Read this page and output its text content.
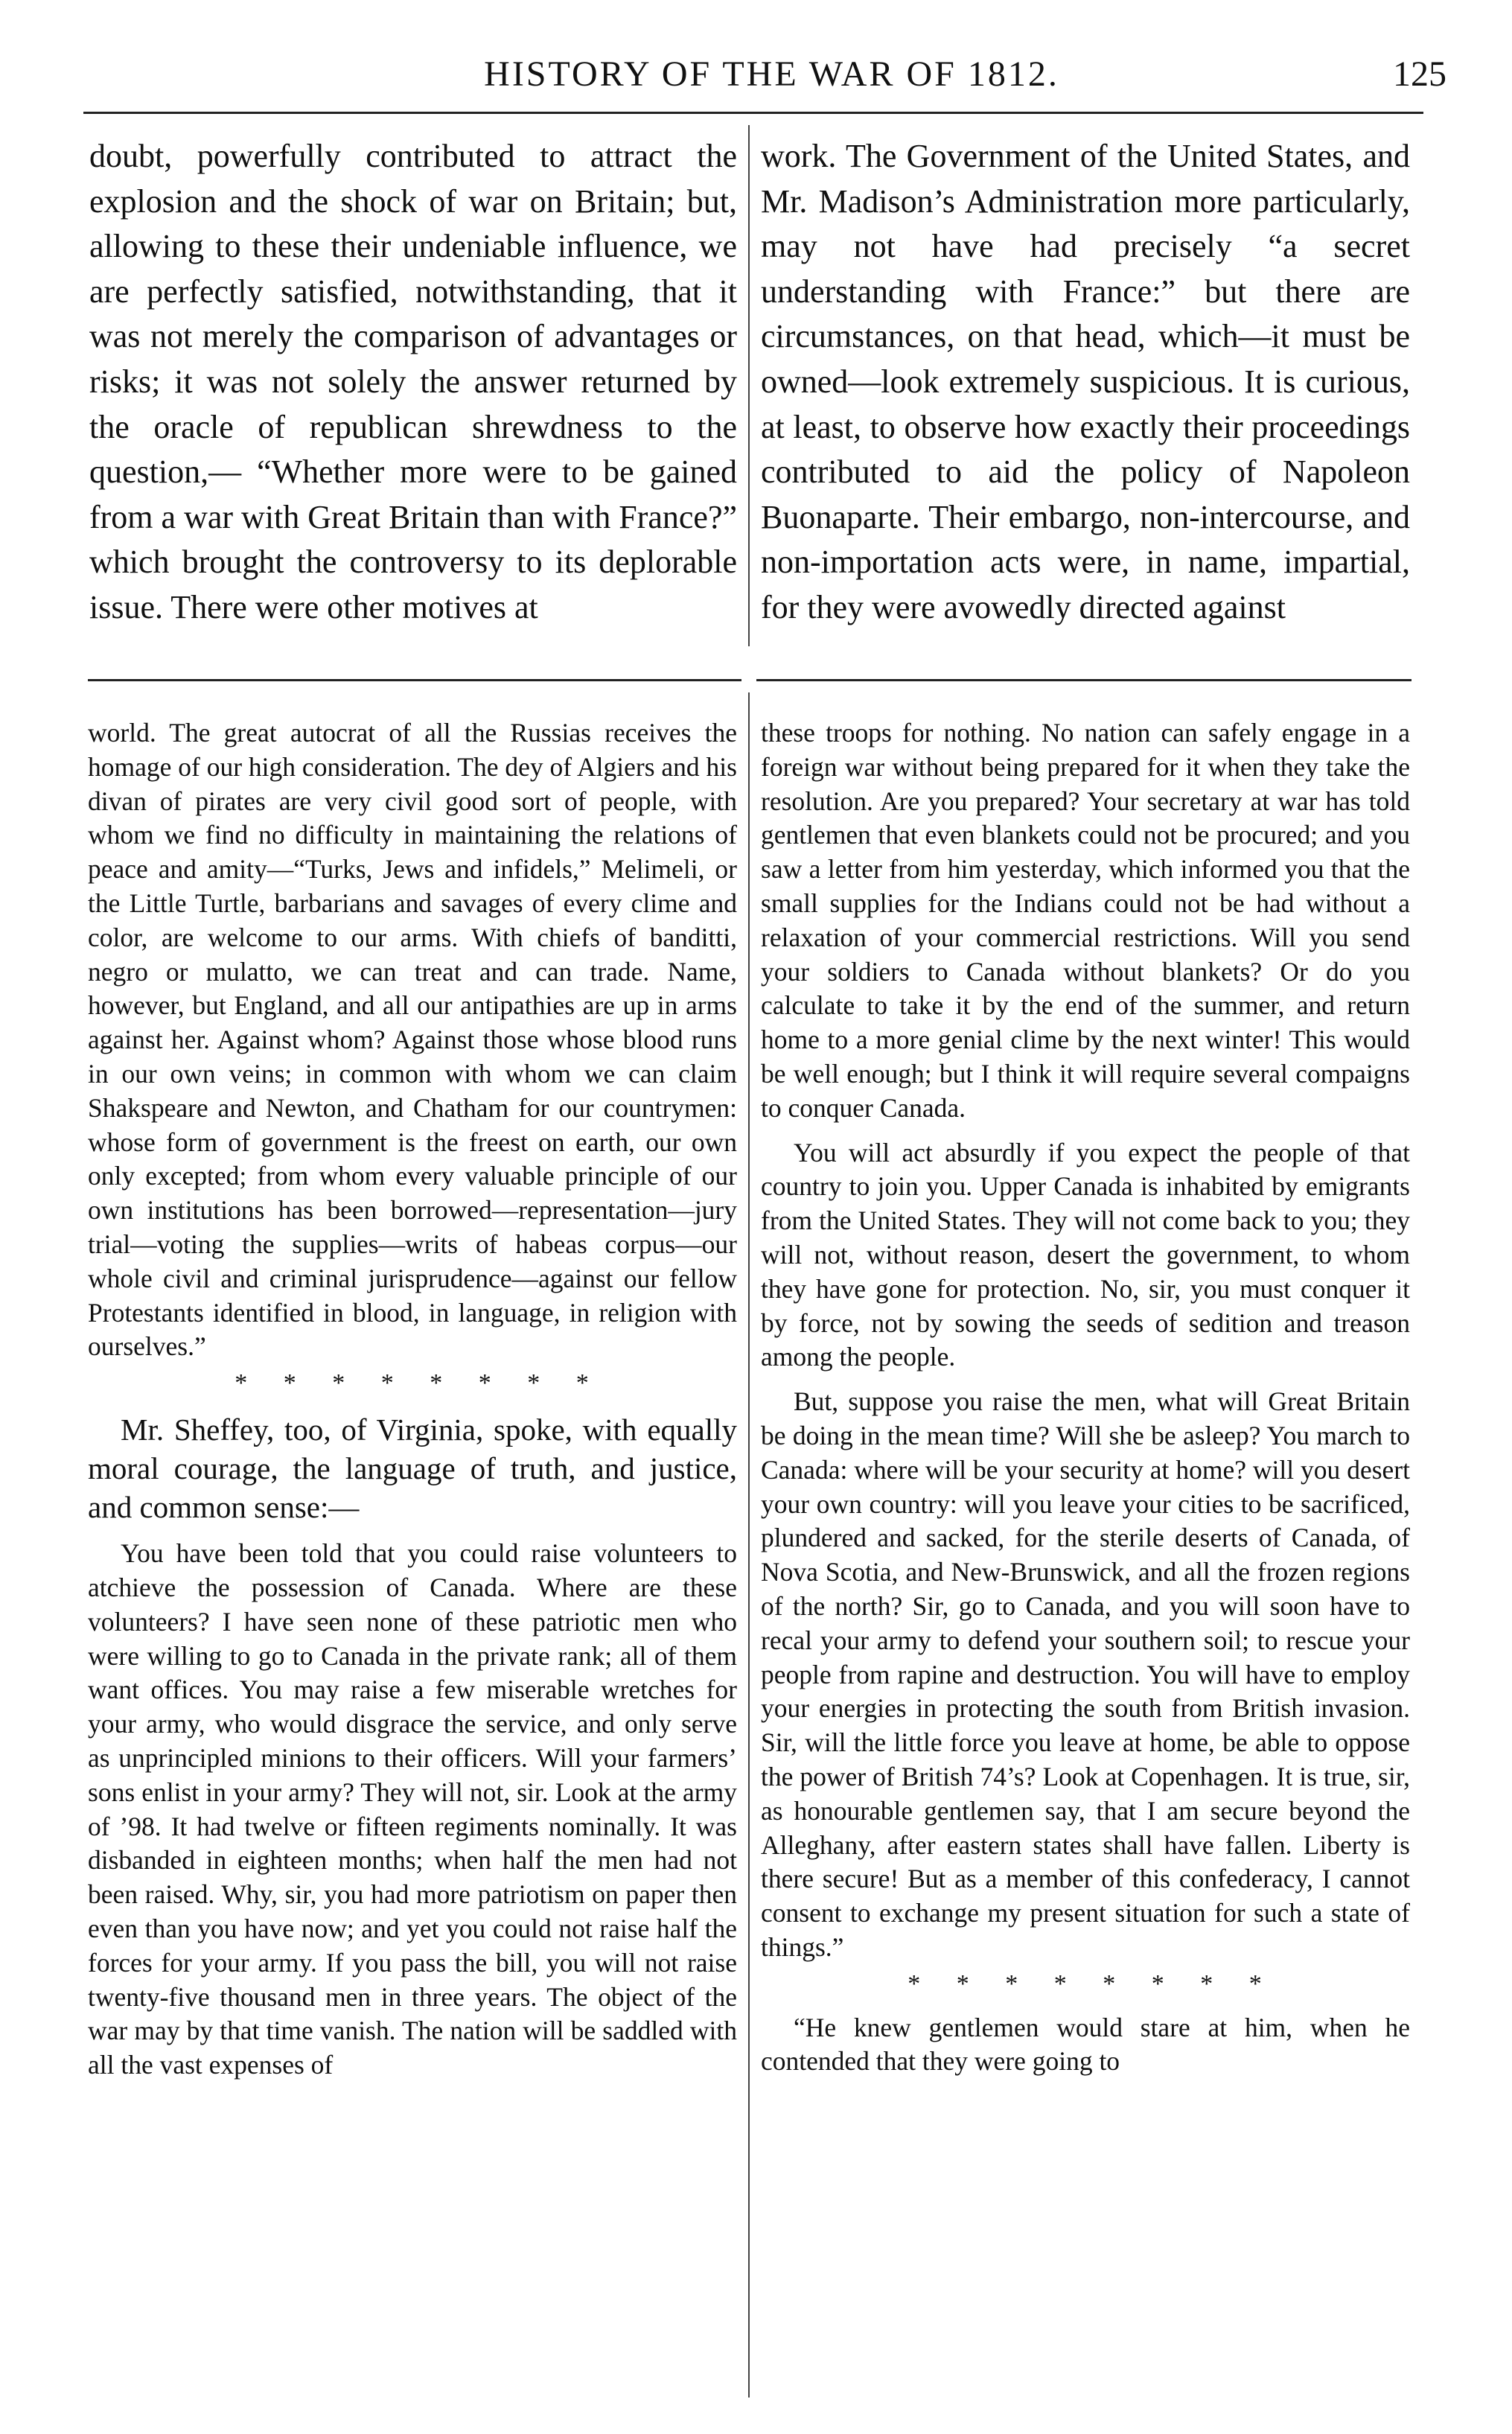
HISTORY OF THE WAR OF 1812.	125

doubt, powerfully contributed to attract the explosion and the shock of war on Britain; but, allowing to these their undeniable influence, we are perfectly satisfied, notwithstanding, that it was not merely the comparison of advantages or risks; it was not solely the answer returned by the oracle of republican shrewdness to the question,— “Whether more were to be gained from a war with Great Britain than with France?” which brought the controversy to its deplorable issue. There were other motives at

work. The Government of the United States, and Mr. Madison’s Administration more particularly, may not have had precisely “a secret understanding with France:” but there are circumstances, on that head, which—it must be owned—look extremely suspicious. It is curious, at least, to observe how exactly their proceedings contributed to aid the policy of Napoleon Buonaparte. Their embargo, non-intercourse, and non-importation acts were, in name, impartial, for they were avowedly directed against

world. The great autocrat of all the Russias receives the homage of our high consideration. The dey of Algiers and his divan of pirates are very civil good sort of people, with whom we find no difficulty in maintaining the relations of peace and amity—“Turks, Jews and infidels,” Melimeli, or the Little Turtle, barbarians and savages of every clime and color, are welcome to our arms. With chiefs of banditti, negro or mulatto, we can treat and can trade. Name, however, but England, and all our antipathies are up in arms against her. Against whom? Against those whose blood runs in our own veins; in common with whom we can claim Shakspeare and Newton, and Chatham for our countrymen: whose form of government is the freest on earth, our own only excepted; from whom every valuable principle of our own institutions has been borrowed—representation—jury trial—voting the supplies—writs of habeas corpus—our whole civil and criminal jurisprudence—against our fellow Protestants identified in blood, in language, in religion with ourselves.”

* * * * * * * *

Mr. Sheffey, too, of Virginia, spoke, with equally moral courage, the language of truth, and justice, and common sense:—

You have been told that you could raise volunteers to atchieve the possession of Canada. Where are these volunteers? I have seen none of these patriotic men who were willing to go to Canada in the private rank; all of them want offices. You may raise a few miserable wretches for your army, who would disgrace the service, and only serve as unprincipled minions to their officers. Will your farmers’ sons enlist in your army? They will not, sir. Look at the army of ’98. It had twelve or fifteen regiments nominally. It was disbanded in eighteen months; when half the men had not been raised. Why, sir, you had more patriotism on paper then even than you have now; and yet you could not raise half the forces for your army. If you pass the bill, you will not raise twenty-five thousand men in three years. The object of the war may by that time vanish. The nation will be saddled with all the vast expenses of

these troops for nothing. No nation can safely engage in a foreign war without being prepared for it when they take the resolution. Are you prepared? Your secretary at war has told gentlemen that even blankets could not be procured; and you saw a letter from him yesterday, which informed you that the small supplies for the Indians could not be had without a relaxation of your commercial restrictions. Will you send your soldiers to Canada without blankets? Or do you calculate to take it by the end of the summer, and return home to a more genial clime by the next winter! This would be well enough; but I think it will require several compaigns to conquer Canada.

You will act absurdly if you expect the people of that country to join you. Upper Canada is inhabited by emigrants from the United States. They will not come back to you; they will not, without reason, desert the government, to whom they have gone for protection. No, sir, you must conquer it by force, not by sowing the seeds of sedition and treason among the people.

But, suppose you raise the men, what will Great Britain be doing in the mean time? Will she be asleep? You march to Canada: where will be your security at home? will you desert your own country: will you leave your cities to be sacrificed, plundered and sacked, for the sterile deserts of Canada, of Nova Scotia, and New-Brunswick, and all the frozen regions of the north? Sir, go to Canada, and you will soon have to recal your army to defend your southern soil; to rescue your people from rapine and destruction. You will have to employ your energies in protecting the south from British invasion. Sir, will the little force you leave at home, be able to oppose the power of British 74’s? Look at Copenhagen. It is true, sir, as honourable gentlemen say, that I am secure beyond the Alleghany, after eastern states shall have fallen. Liberty is there secure! But as a member of this confederacy, I cannot consent to exchange my present situation for such a state of things.”

* * * * * * * *

“He knew gentlemen would stare at him, when he contended that they were going to
